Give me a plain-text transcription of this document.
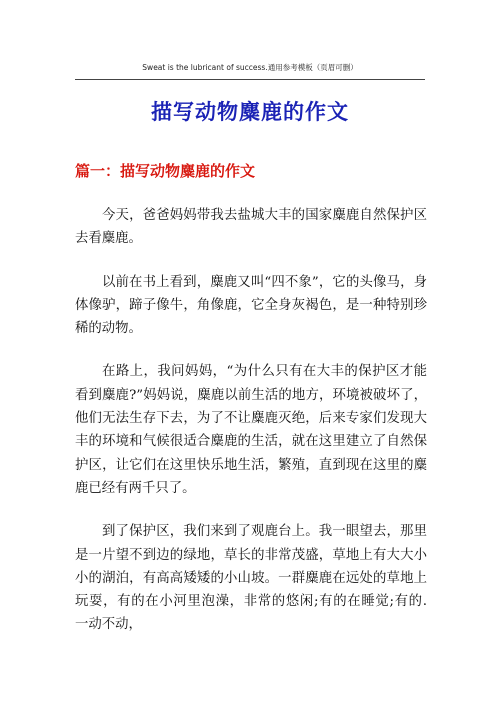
Sweat is the lubricant of success.通用参考模板（页眉可删）
描写动物麋鹿的作文
篇一：描写动物麋鹿的作文

今天，爸爸妈妈带我去盐城大丰的国家麋鹿自然保护区去看麋鹿。

以前在书上看到，麋鹿又叫“四不象”，它的头像马，身体像驴，蹄子像牛，角像鹿，它全身灰褐色，是一种特别珍稀的动物。

在路上，我问妈妈，“为什么只有在大丰的保护区才能看到麋鹿?”妈妈说，麋鹿以前生活的地方，环境被破坏了，他们无法生存下去，为了不让麋鹿灭绝，后来专家们发现大丰的环境和气候很适合麋鹿的生活，就在这里建立了自然保护区，让它们在这里快乐地生活，繁殖，直到现在这里的麋鹿已经有两千只了。

到了保护区，我们来到了观鹿台上。我一眼望去，那里是一片望不到边的绿地，草长的非常茂盛，草地上有大大小小的湖泊，有高高矮矮的小山坡。一群麋鹿在远处的草地上玩耍，有的在小河里泡澡，非常的悠闲;有的在睡觉;有的. 一动不动，
